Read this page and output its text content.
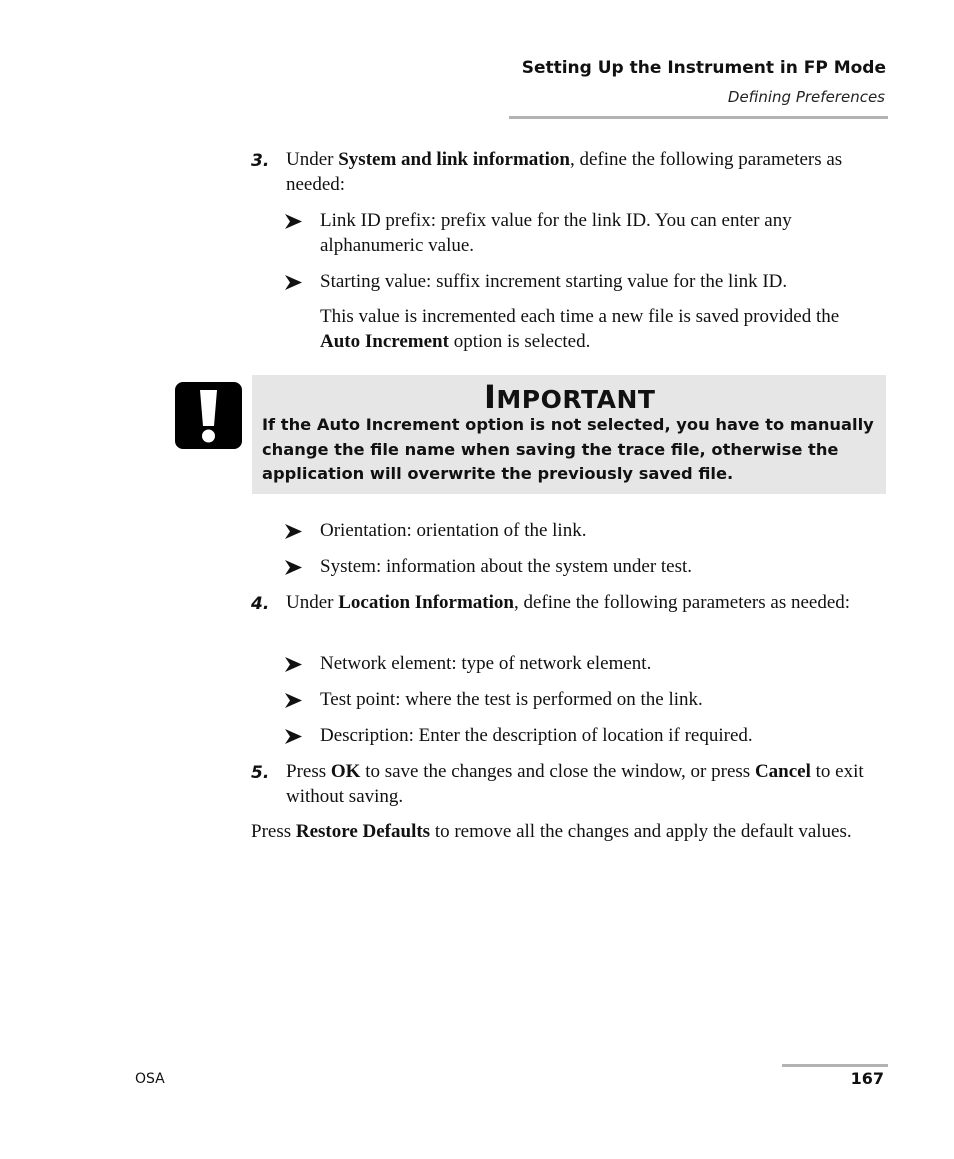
Setting Up the Instrument in FP Mode
Defining Preferences
3. Under System and link information, define the following parameters as needed:
Link ID prefix: prefix value for the link ID. You can enter any alphanumeric value.
Starting value: suffix increment starting value for the link ID.
This value is incremented each time a new file is saved provided the Auto Increment option is selected.
IMPORTANT
If the Auto Increment option is not selected, you have to manually change the file name when saving the trace file, otherwise the application will overwrite the previously saved file.
Orientation: orientation of the link.
System: information about the system under test.
4. Under Location Information, define the following parameters as needed:
Network element: type of network element.
Test point: where the test is performed on the link.
Description: Enter the description of location if required.
5. Press OK to save the changes and close the window, or press Cancel to exit without saving.
Press Restore Defaults to remove all the changes and apply the default values.
OSA	167
